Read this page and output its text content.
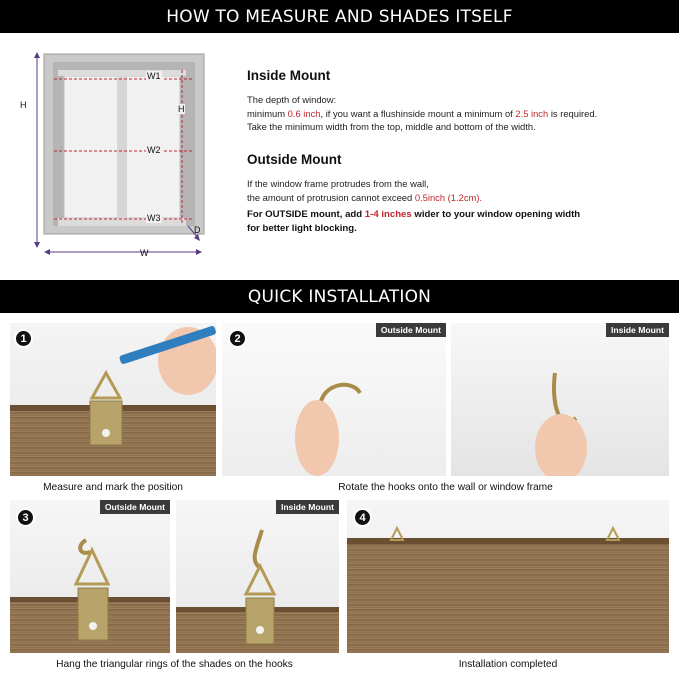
HOW TO MEASURE AND SHADES ITSELF
W1
W2
W3
H	H
D
W
Inside Mount
The depth of window:
minimum 0.6 inch, if you want a flushinside mount a minimum of 2.5 inch is required.
Take the minimum width from the top, middle and bottom of the width.
Outside Mount
If the window frame protrudes from the wall,
the amount of protrusion cannot exceed 0.5inch (1.2cm).
For OUTSIDE mount, add 1-4 inches wider to your window opening width
for better light blocking.
QUICK INSTALLATION
1	2
Outside Mount	Inside Mount
Measure and mark the position	Rotate the hooks onto the wall or window frame
3
Outside Mount	Inside Mount
4
Hang the triangular rings of the shades on the hooks	Installation completed
